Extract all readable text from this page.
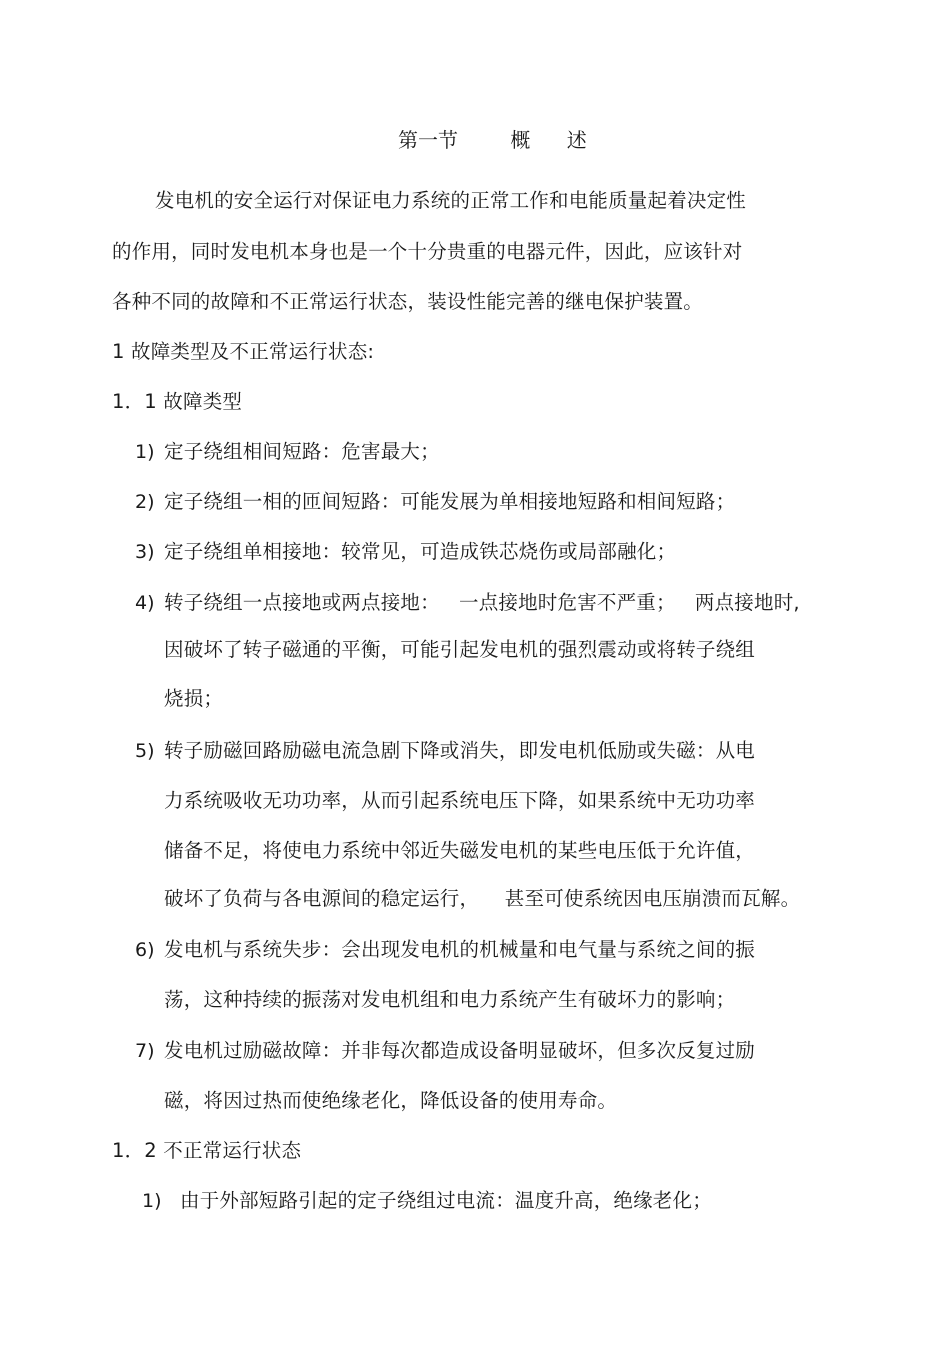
第一节	概 述
发电机的安全运行对保证电力系统的正常工作和电能质量起着决定性
的作用，同时发电机本身也是一个十分贵重的电器元件，因此，应该针对
各种不同的故障和不正常运行状态，装设性能完善的继电保护装置。
1 故障类型及不正常运行状态:
1．1 故障类型
1) 定子绕组相间短路：危害最大；
2) 定子绕组一相的匝间短路：可能发展为单相接地短路和相间短路；
3) 定子绕组单相接地：较常见，可造成铁芯烧伤或局部融化；
4) 转子绕组一点接地或两点接地：   一点接地时危害不严重；   两点接地时,
因破坏了转子磁通的平衡，可能引起发电机的强烈震动或将转子绕组
烧损；
5) 转子励磁回路励磁电流急剧下降或消失，即发电机低励或失磁：从电
力系统吸收无功功率，从而引起系统电压下降，如果系统中无功功率
储备不足，将使电力系统中邻近失磁发电机的某些电压低于允许值，
破坏了负荷与各电源间的稳定运行，    甚至可使系统因电压崩溃而瓦解。
6) 发电机与系统失步：会出现发电机的机械量和电气量与系统之间的振
荡，这种持续的振荡对发电机组和电力系统产生有破坏力的影响；
7) 发电机过励磁故障：并非每次都造成设备明显破坏，但多次反复过励
磁，将因过热而使绝缘老化，降低设备的使用寿命。
1．2 不正常运行状态
1) 由于外部短路引起的定子绕组过电流：温度升高，绝缘老化；
